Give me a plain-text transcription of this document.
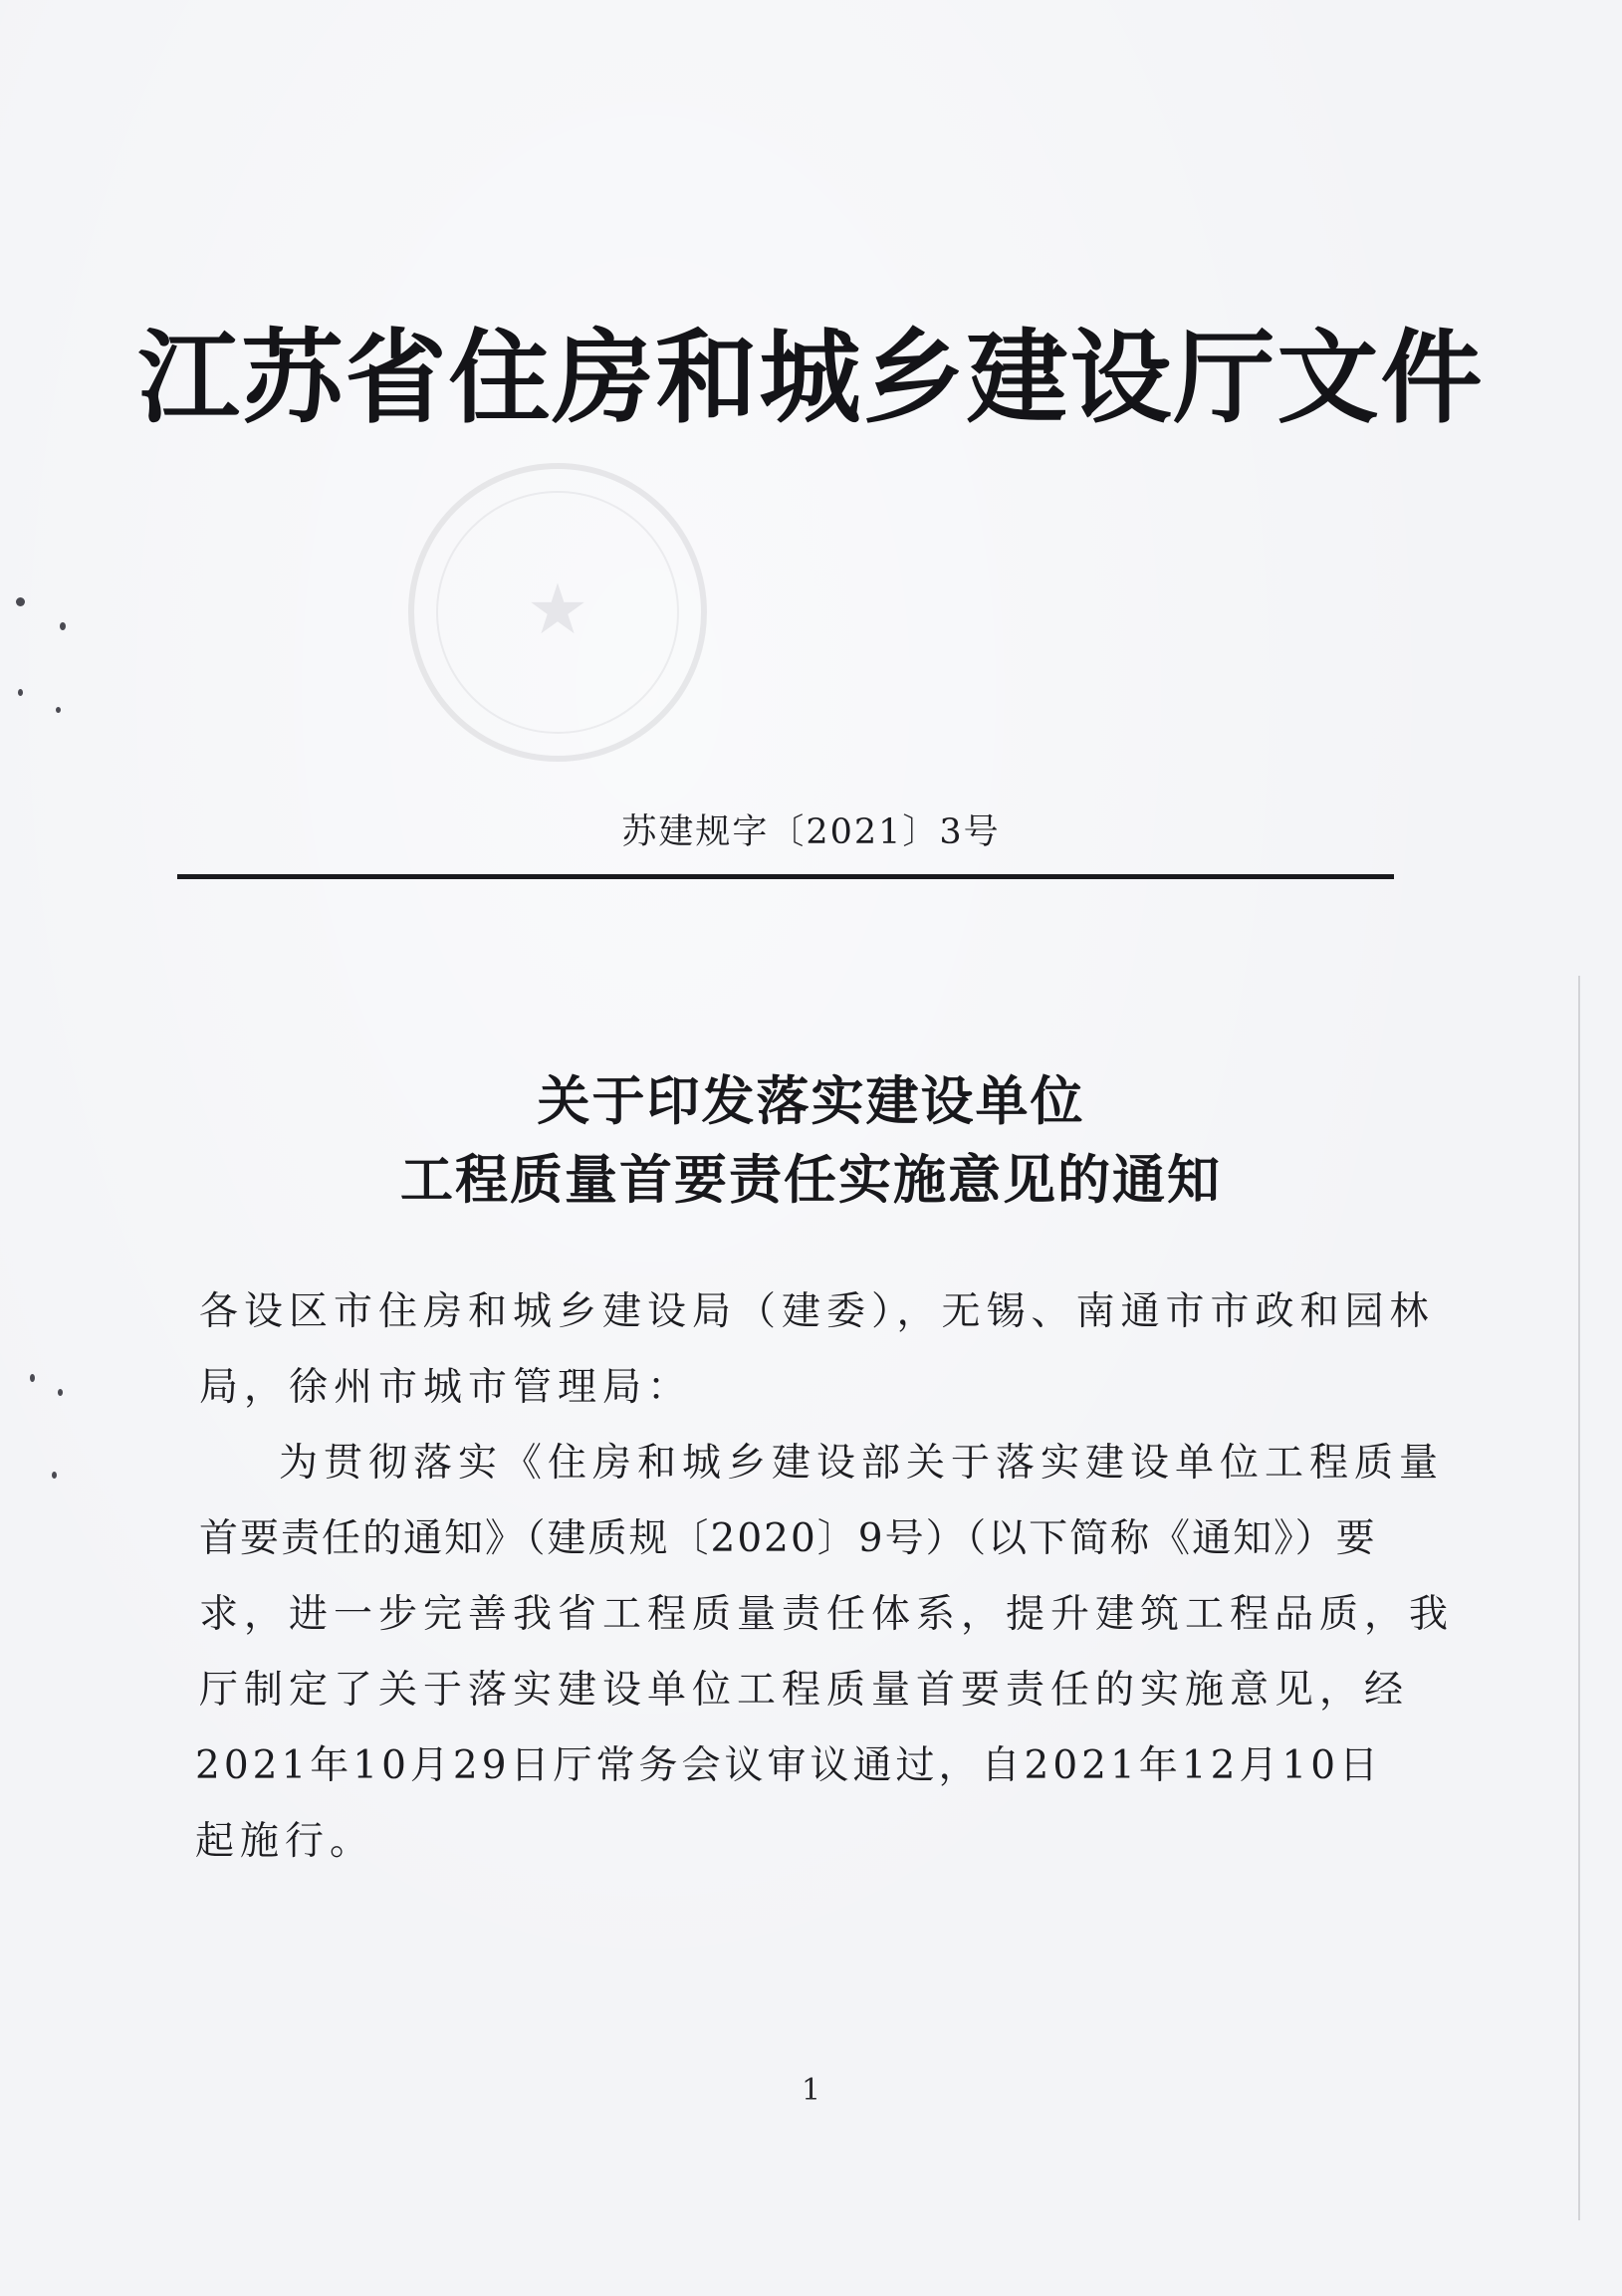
江苏省住房和城乡建设厅文件
★
苏建规字〔2021〕3号
关于印发落实建设单位
工程质量首要责任实施意见的通知
各设区市住房和城乡建设局（建委），无锡、南通市市政和园林
局，徐州市城市管理局：
为贯彻落实《住房和城乡建设部关于落实建设单位工程质量
首要责任的通知》（建质规〔2020〕9号）（以下简称《通知》）要
求，进一步完善我省工程质量责任体系，提升建筑工程品质，我
厅制定了关于落实建设单位工程质量首要责任的实施意见，经
2021年10月29日厅常务会议审议通过，自2021年12月10日
起施行。
1
